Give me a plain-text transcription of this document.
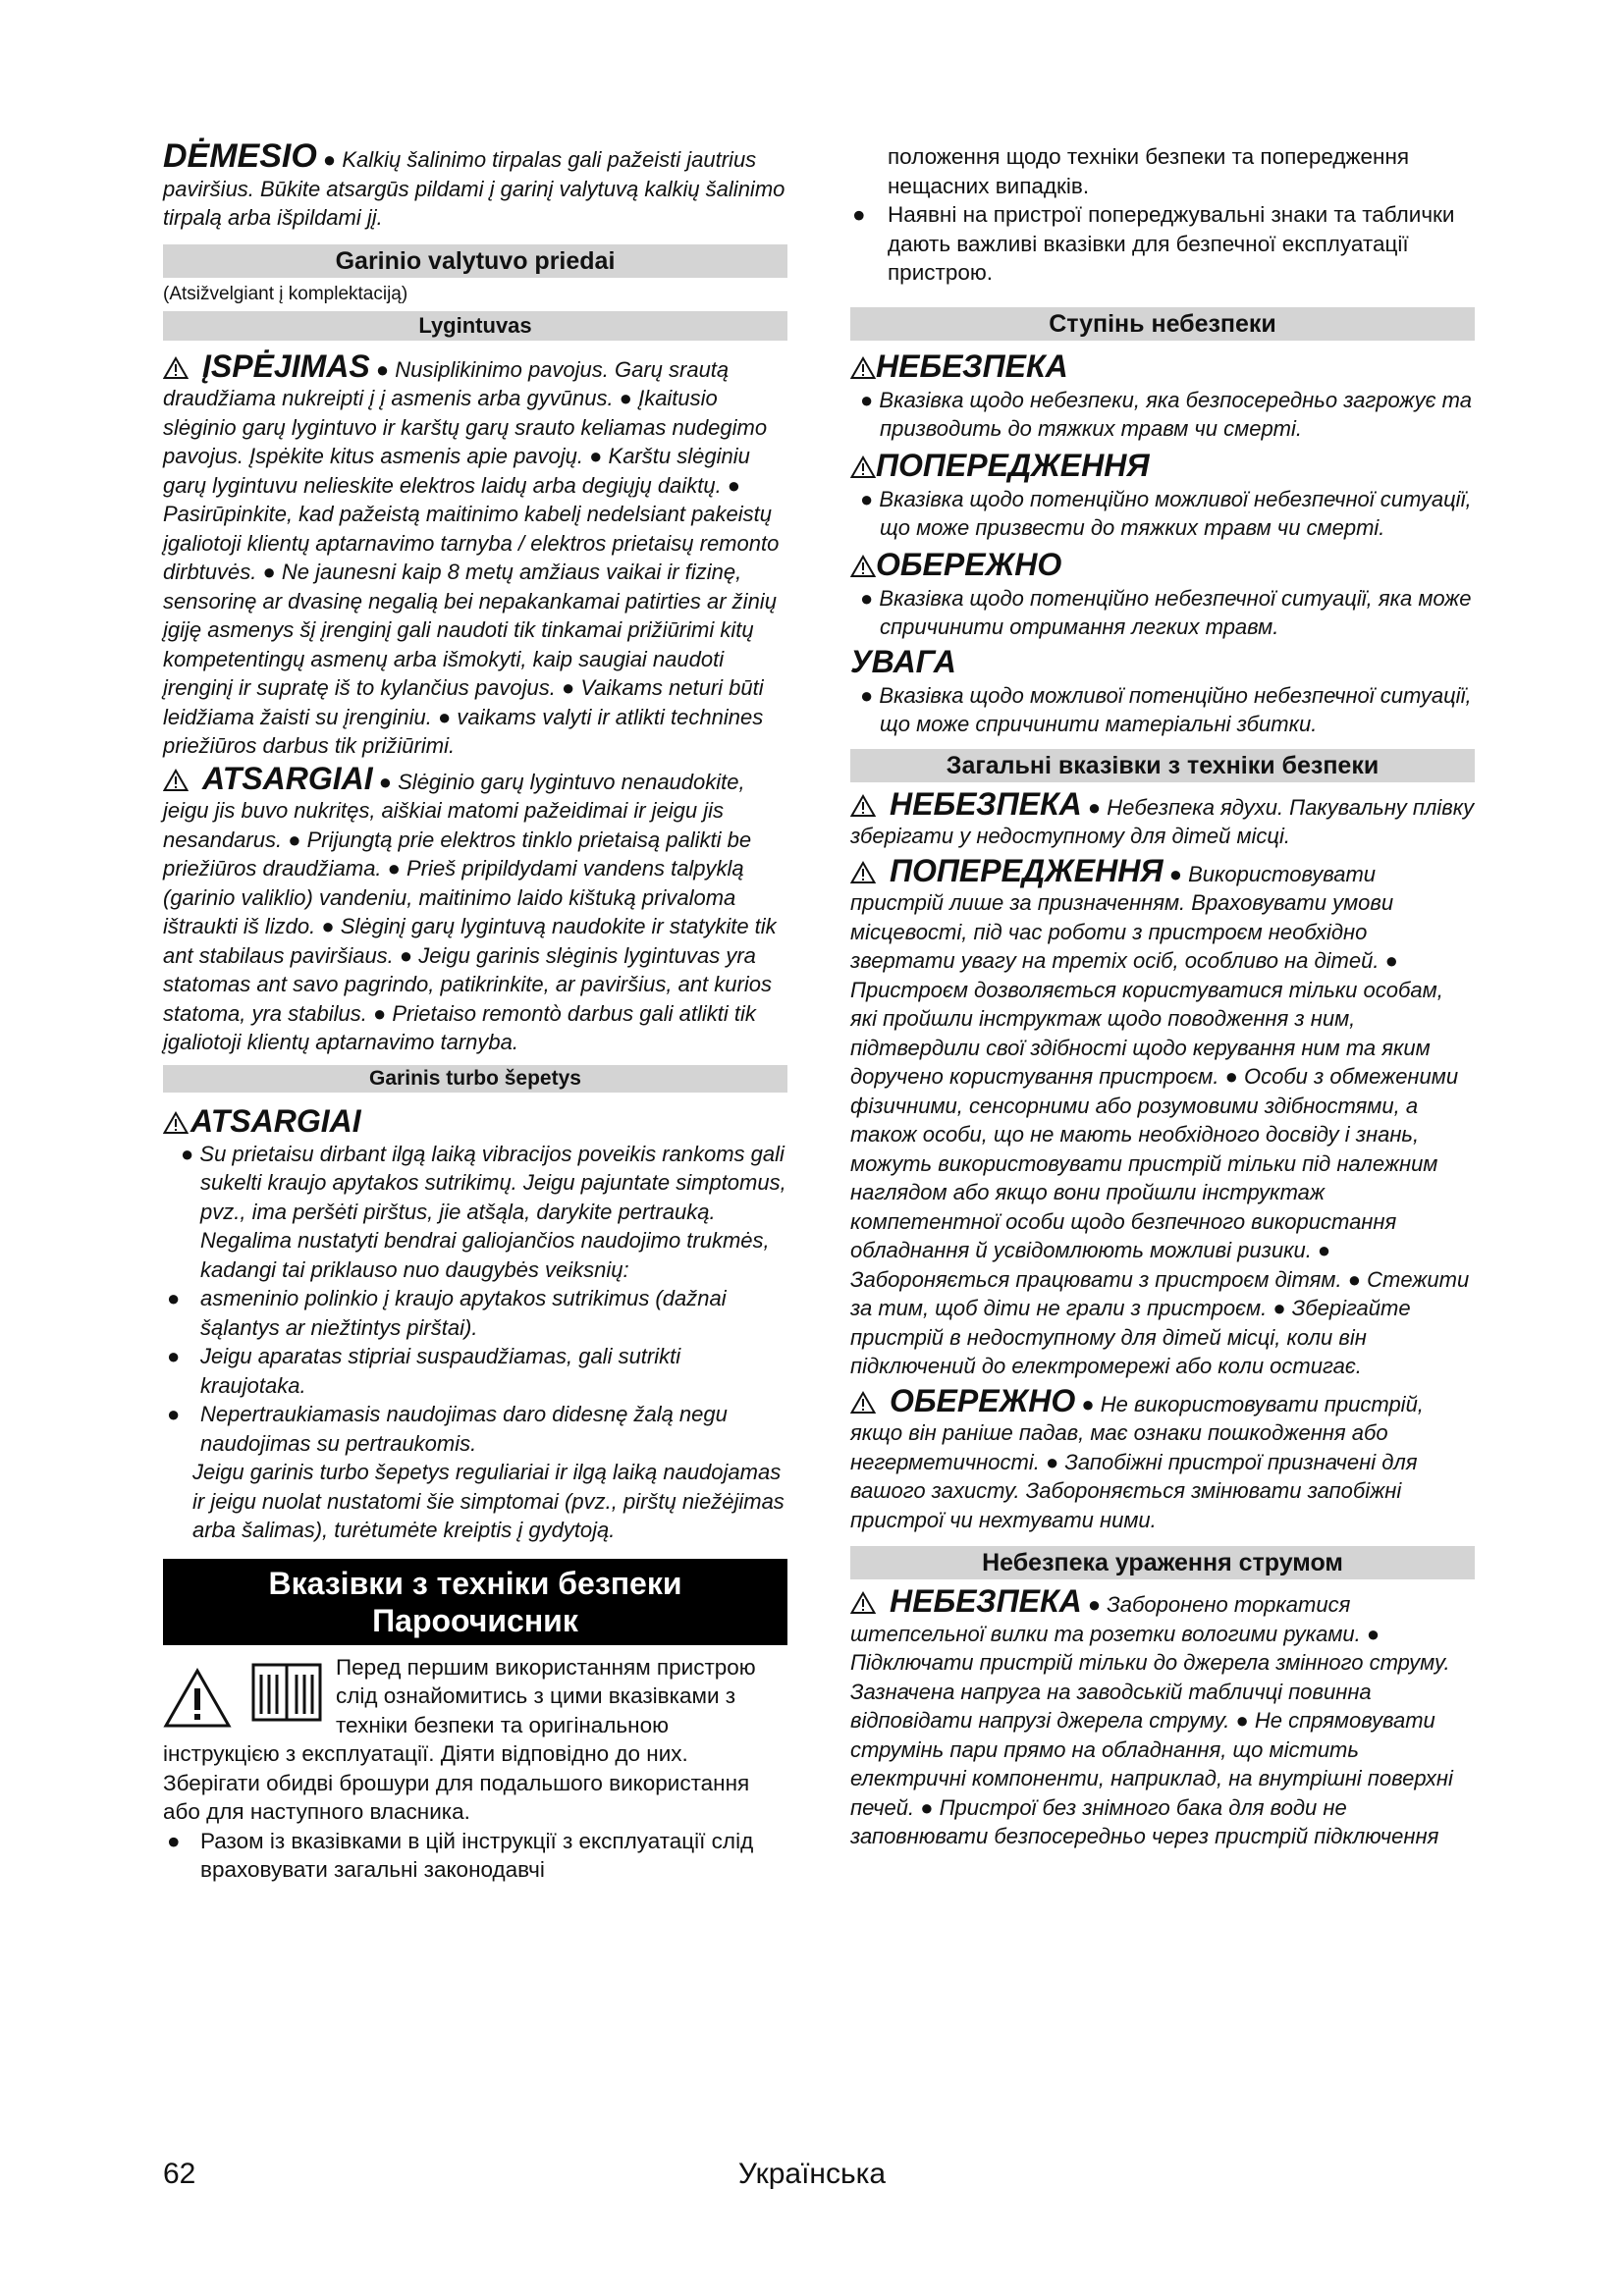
DĖMESIO ● Kalkių šalinimo tirpalas gali pažeisti jautrius paviršius. Būkite atsargūs pildami į garinį valytuvą kalkių šalinimo tirpalą arba išpildami jį.

Garinio valytuvo priedai
(Atsižvelgiant į komplektaciją)
Lygintuvas

ĮSPĖJIMAS ● Nusiplikinimo pavojus. Garų srautą draudžiama nukreipti į į asmenis arba gyvūnus. ● Įkaitusio slėginio garų lygintuvo ir karštų garų srauto keliamas nudegimo pavojus. Įspėkite kitus asmenis apie pavojų. ● Karštu slėginiu garų lygintuvu nelieskite elektros laidų arba degiųjų daiktų. ● Pasirūpinkite, kad pažeistą maitinimo kabelį nedelsiant pakeistų įgaliotoji klientų aptarnavimo tarnyba / elektros prietaisų remonto dirbtuvės. ● Ne jaunesni kaip 8 metų amžiaus vaikai ir fizinę, sensorinę ar dvasinę negalią bei nepakankamai patirties ar žinių įgiję asmenys šį įrenginį gali naudoti tik tinkamai prižiūrimi kitų kompetentingų asmenų arba išmokyti, kaip saugiai naudoti įrenginį ir supratę iš to kylančius pavojus. ● Vaikams neturi būti leidžiama žaisti su įrenginiu. ● vaikams valyti ir atlikti technines priežiūros darbus tik prižiūrimi.

ATSARGIAI ● Slėginio garų lygintuvo nenaudokite, jeigu jis buvo nukritęs, aiškiai matomi pažeidimai ir jeigu jis nesandarus. ● Prijungtą prie elektros tinklo prietaisą palikti be priežiūros draudžiama. ● Prieš pripildydami vandens talpyklą (garinio valiklio) vandeniu, maitinimo laido kištuką privaloma ištraukti iš lizdo. ● Slėginį garų lygintuvą naudokite ir statykite tik ant stabilaus paviršiaus. ● Jeigu garinis slėginis lygintuvas yra statomas ant savo pagrindo, patikrinkite, ar paviršius, ant kurios statoma, yra stabilus. ● Prietaiso remontò darbus gali atlikti tik įgaliotoji klientų aptarnavimo tarnyba.

Garinis turbo šepetys
ATSARGIAI

● Su prietaisu dirbant ilgą laiką vibracijos poveikis rankoms gali sukelti kraujo apytakos sutrikimų. Jeigu pajuntate simptomus, pvz., ima peršėti pirštus, jie atšąla, darykite pertrauką. Negalima nustatyti bendrai galiojančios naudojimo trukmės, kadangi tai priklauso nuo daugybės veiksnių:

● asmeninio polinkio į kraujo apytakos sutrikimus (dažnai šąlantys ar niežtintys pirštai).
● Jeigu aparatas stipriai suspaudžiamas, gali sutrikti kraujotaka.
● Nepertraukiamasis naudojimas daro didesnę žalą negu naudojimas su pertraukomis.

Jeigu garinis turbo šepetys reguliariai ir ilgą laiką naudojamas ir jeigu nuolat nustatomi šie simptomai (pvz., pirštų niežėjimas arba šalimas), turėtumėte kreiptis į gydytoją.

Вказівки з техніки безпеки
Пароочисник

Перед першим використанням пристрою слід ознайомитись з цими вказівками з техніки безпеки та оригінальною інструкцією з експлуатації. Діяти відповідно до них. Зберігати обидві брошури для подальшого використання або для наступного власника.

● Разом із вказівками в цій інструкції з експлуатації слід враховувати загальні законодавчі

положення щодо техніки безпеки та попередження нещасних випадків.

● Наявні на пристрої попереджувальні знаки та таблички дають важливі вказівки для безпечної експлуатації пристрою.
Ступінь небезпеки
НЕБЕЗПЕКА

● Вказівка щодо небезпеки, яка безпосередньо загрожує та призводить до тяжких травм чи смерті.

ПОПЕРЕДЖЕННЯ

● Вказівка щодо потенційно можливої небезпечної ситуації, що може призвести до тяжких травм чи смерті.

ОБЕРЕЖНО

● Вказівка щодо потенційно небезпечної ситуації, яка може спричинити отримання легких травм.

УВАГА

● Вказівка щодо можливої потенційно небезпечної ситуації, що може спричинити матеріальні збитки.

Загальні вказівки з техніки безпеки

НЕБЕЗПЕКА ● Небезпека ядухи. Пакувальну плівку зберігати у недоступному для дітей місці.

ПОПЕРЕДЖЕННЯ ● Використовувати пристрій лише за призначенням. Враховувати умови місцевості, під час роботи з пристроєм необхідно звертати увагу на третіх осіб, особливо на дітей. ● Пристроєм дозволяється користуватися тільки особам, які пройшли інструктаж щодо поводження з ним, підтвердили свої здібності щодо керування ним та яким доручено користування пристроєм. ● Особи з обмеженими фізичними, сенсорними або розумовими здібностями, а також особи, що не мають необхідного досвіду і знань, можуть використовувати пристрій тільки під належним наглядом або якщо вони пройшли інструктаж компетентної особи щодо безпечного використання обладнання й усвідомлюють можливі ризики. ● Забороняється працювати з пристроєм дітям. ● Стежити за тим, щоб діти не грали з пристроєм. ● Зберігайте пристрій в недоступному для дітей місці, коли він підключений до електромережі або коли остигає.

ОБЕРЕЖНО ● Не використовувати пристрій, якщо він раніше падав, має ознаки пошкодження або негерметичності. ● Запобіжні пристрої призначені для вашого захисту. Забороняється змінювати запобіжні пристрої чи нехтувати ними.

Небезпека ураження струмом

НЕБЕЗПЕКА ● Заборонено торкатися штепсельної вилки та розетки вологими руками. ● Підключати пристрій тільки до джерела змінного струму. Зазначена напруга на заводській табличці повинна відповідати напрузі джерела струму. ● Не спрямовувати струмінь пари прямо на обладнання, що містить електричні компоненти, наприклад, на внутрішні поверхні печей. ● Пристрої без знімного бака для води не заповнювати безпосередньо через пристрій підключення

62	Українська
